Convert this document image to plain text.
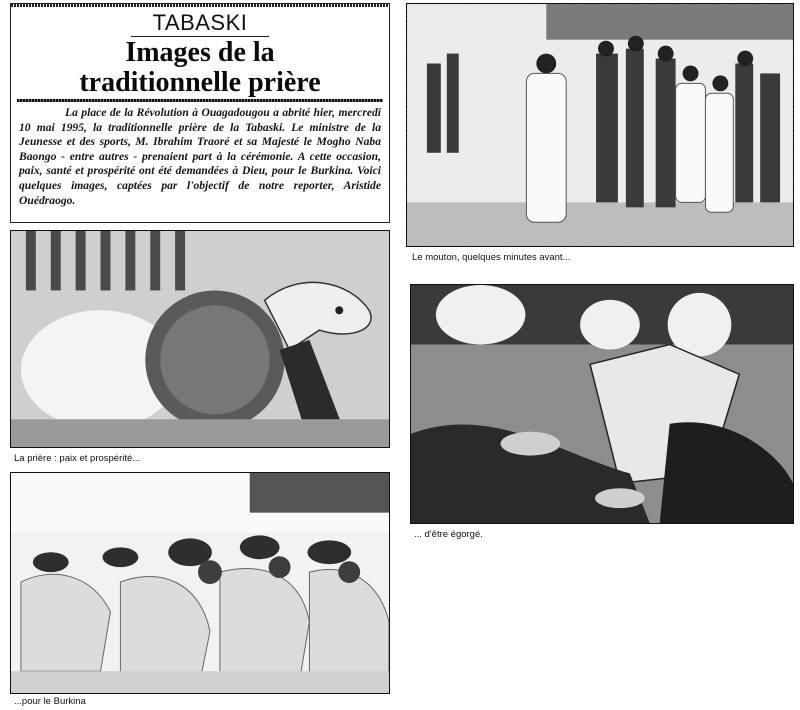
TABASKI
Images de la
traditionnelle prière
La place de la Révolution à Ouagadougou a abrité hier, mercredi 10 mai 1995, la traditionnelle prière de la Tabaski. Le ministre de la Jeunesse et des sports, M. Ibrahim Traoré et sa Majesté le Mogho Naba Baongo - entre autres - prenaient part à la cérémonie. A cette occasion, paix, santé et prospérité ont été demandées à Dieu, pour le Burkina. Voici quelques images, captées par l'objectif de notre reporter, Aristide Ouédraogo.
Le mouton, quelques minutes avant...
La prière : paix et prospérité...
... d'être égorgé.
...pour le Burkina
